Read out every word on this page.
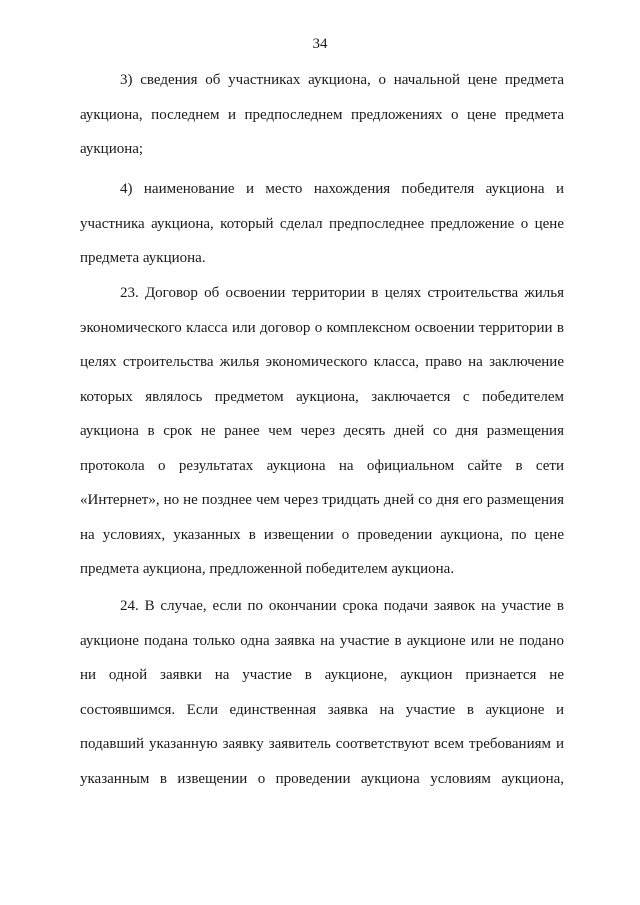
34

3) сведения об участниках аукциона, о начальной цене предмета аукциона, последнем и предпоследнем предложениях о цене предмета аукциона;

4) наименование и место нахождения победителя аукциона и участника аукциона, который сделал предпоследнее предложение о цене предмета аукциона.

23. Договор об освоении территории в целях строительства жилья экономического класса или договор о комплексном освоении территории в целях строительства жилья экономического класса, право на заключение которых являлось предметом аукциона, заключается с победителем аукциона в срок не ранее чем через десять дней со дня размещения протокола о результатах аукциона на официальном сайте в сети «Интернет», но не позднее чем через тридцать дней со дня его размещения на условиях, указанных в извещении о проведении аукциона, по цене предмета аукциона, предложенной победителем аукциона.

24. В случае, если по окончании срока подачи заявок на участие в аукционе подана только одна заявка на участие в аукционе или не подано ни одной заявки на участие в аукционе, аукцион признается не состоявшимся. Если единственная заявка на участие в аукционе и подавший указанную заявку заявитель соответствуют всем требованиям и указанным в извещении о проведении аукциона условиям аукциона,
